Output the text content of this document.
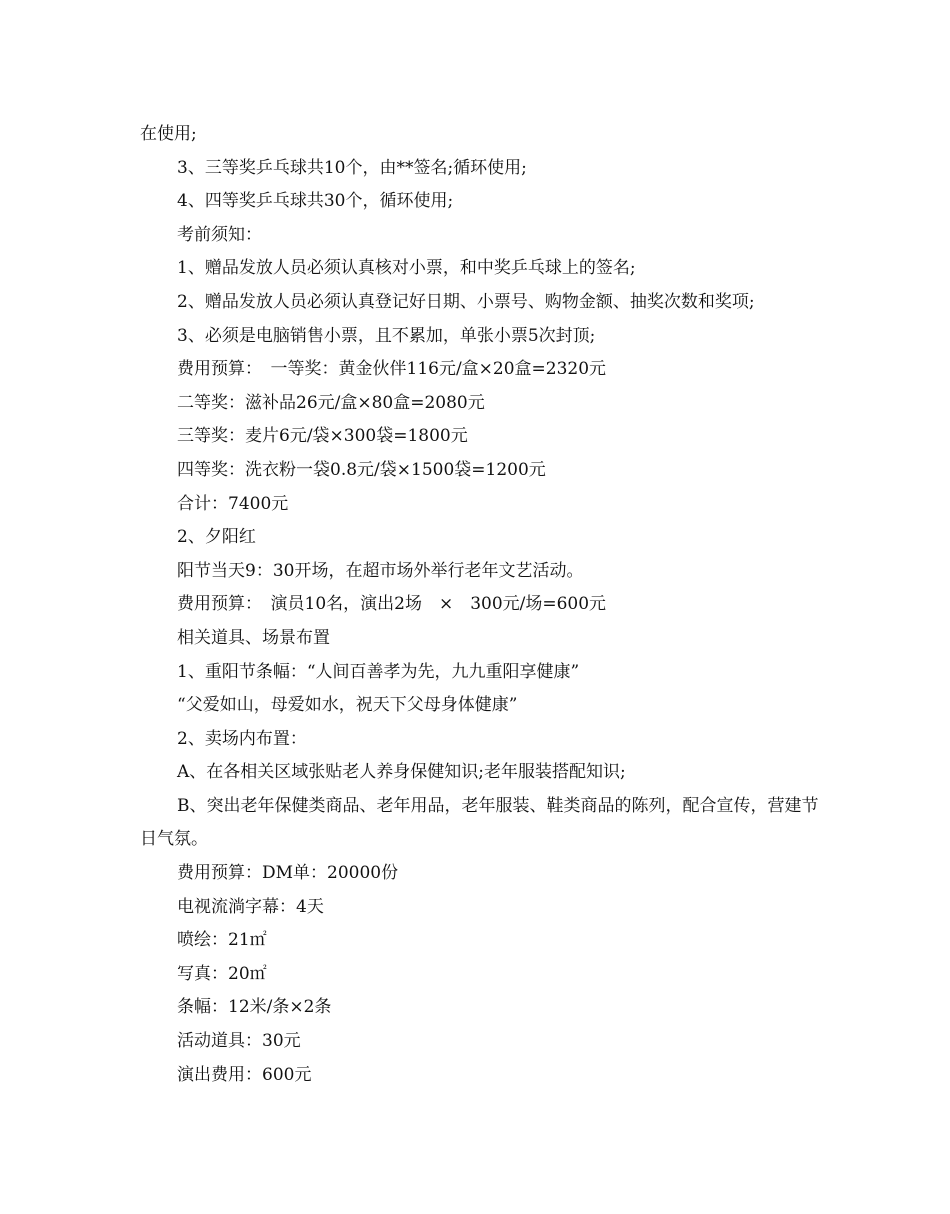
在使用;
3、三等奖乒乓球共10个，由**签名;循环使用;
4、四等奖乒乓球共30个，循环使用;
考前须知：
1、赠品发放人员必须认真核对小票，和中奖乒乓球上的签名;
2、赠品发放人员必须认真登记好日期、小票号、购物金额、抽奖次数和奖项;
3、必须是电脑销售小票，且不累加，单张小票5次封顶;
费用预算：　一等奖：黄金伙伴116元/盒×20盒=2320元
二等奖：滋补品26元/盒×80盒=2080元
三等奖：麦片6元/袋×300袋=1800元
四等奖：洗衣粉一袋0.8元/袋×1500袋=1200元
合计：7400元
2、夕阳红
阳节当天9：30开场，在超市场外举行老年文艺活动。
费用预算：　演员10名，演出2场　×　300元/场=600元
相关道具、场景布置
1、重阳节条幅：“人间百善孝为先，九九重阳享健康”
“父爱如山，母爱如水，祝天下父母身体健康”
2、卖场内布置：
A、在各相关区域张贴老人养身保健知识;老年服装搭配知识;
B、突出老年保健类商品、老年用品，老年服装、鞋类商品的陈列，配合宣传，营建节日气氛。
费用预算：DM单：20000份
电视流淌字幕：4天
喷绘：21㎡
写真：20㎡
条幅：12米/条×2条
活动道具：30元
演出费用：600元
